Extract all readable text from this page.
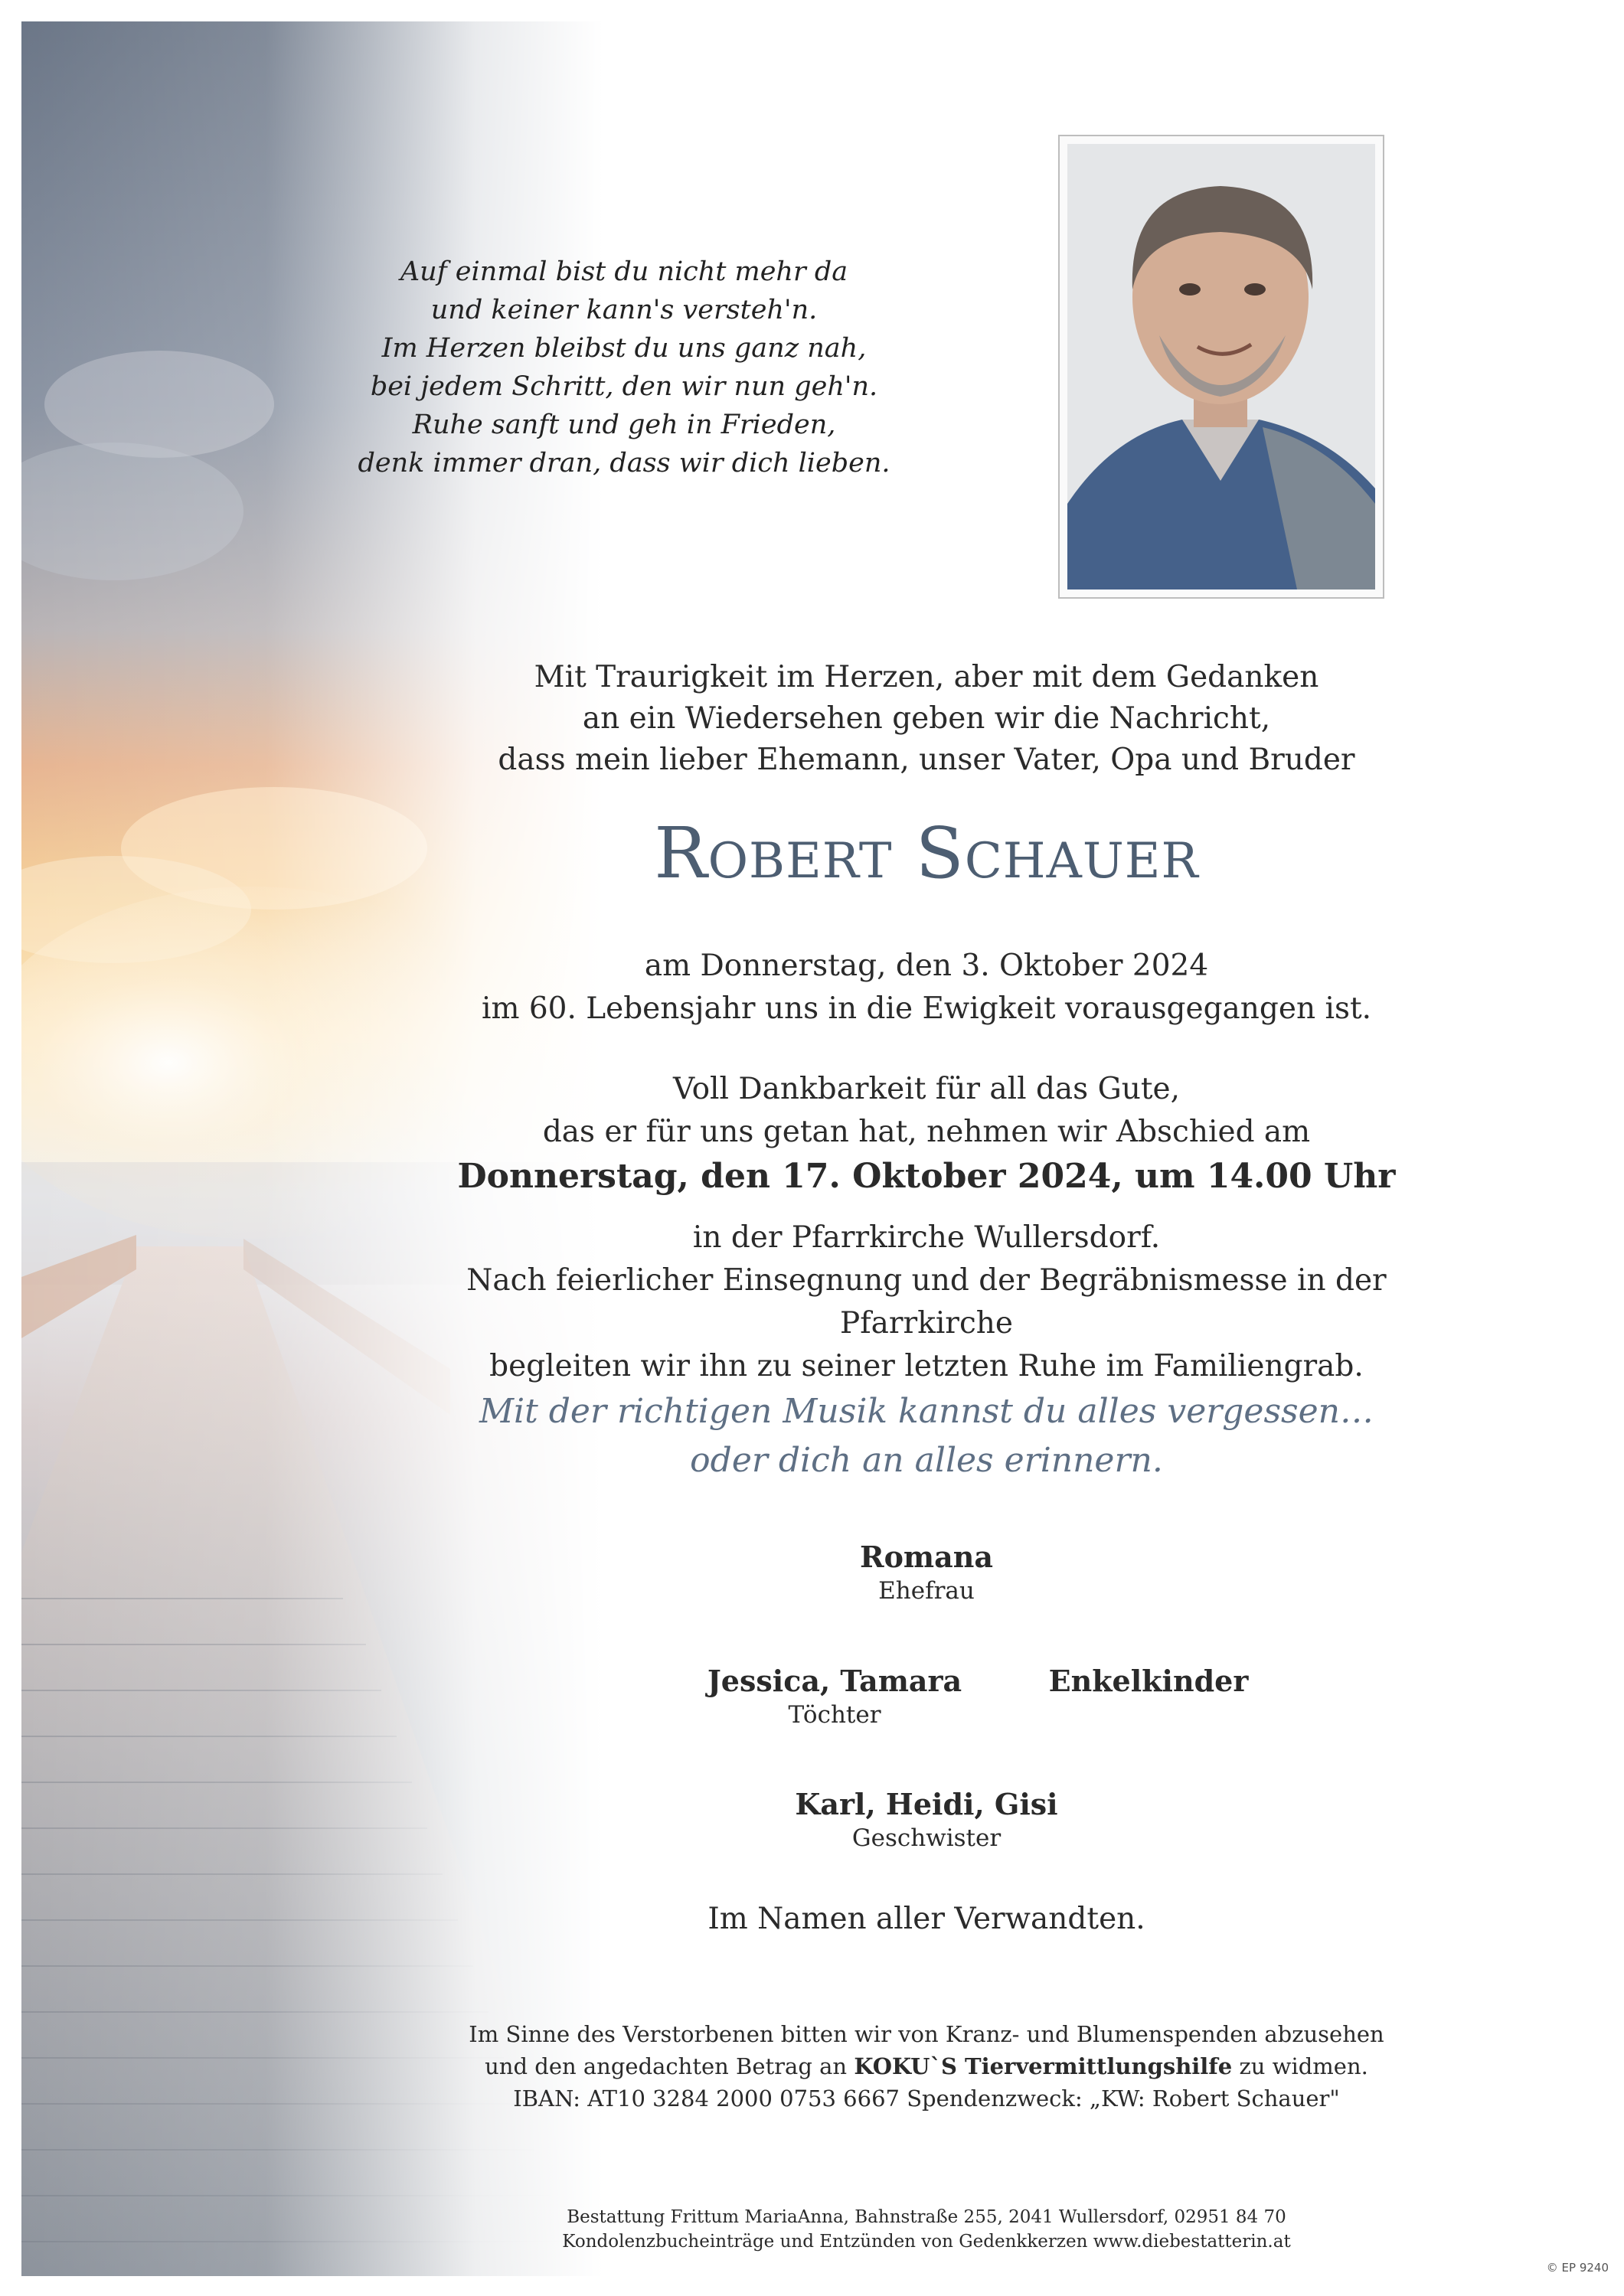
Auf einmal bist du nicht mehr da
und keiner kann's versteh'n.
Im Herzen bleibst du uns ganz nah,
bei jedem Schritt, den wir nun geh'n.
Ruhe sanft und geh in Frieden,
denk immer dran, dass wir dich lieben.
Mit Traurigkeit im Herzen, aber mit dem Gedanken
an ein Wiedersehen geben wir die Nachricht,
dass mein lieber Ehemann, unser Vater, Opa und Bruder
Robert Schauer
am Donnerstag, den 3. Oktober 2024
im 60. Lebensjahr uns in die Ewigkeit vorausgegangen ist.
Voll Dankbarkeit für all das Gute,
das er für uns getan hat, nehmen wir Abschied am
Donnerstag, den 17. Oktober 2024, um 14.00 Uhr
in der Pfarrkirche Wullersdorf.
Nach feierlicher Einsegnung und der Begräbnismesse in der Pfarrkirche
begleiten wir ihn zu seiner letzten Ruhe im Familiengrab.
Mit der richtigen Musik kannst du alles vergessen…
oder dich an alles erinnern.
Romana
Ehefrau
Jessica, Tamara
Töchter
Enkelkinder
Karl, Heidi, Gisi
Geschwister
Im Namen aller Verwandten.
Im Sinne des Verstorbenen bitten wir von Kranz- und Blumenspenden abzusehen
und den angedachten Betrag an KOKU`S Tiervermittlungshilfe zu widmen.
IBAN: AT10 3284 2000 0753 6667 Spendenzweck: „KW: Robert Schauer"
Bestattung Frittum MariaAnna, Bahnstraße 255, 2041 Wullersdorf, 02951 84 70
Kondolenzbucheinträge und Entzünden von Gedenkkerzen www.diebestatterin.at
© EP 9240
